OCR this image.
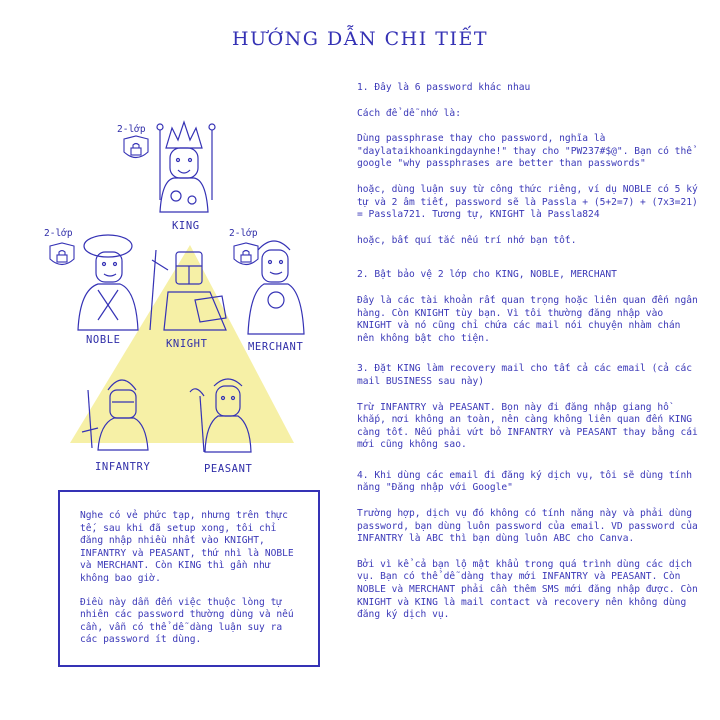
HƯỚNG DẪN CHI TIẾT
2-lớp
KING
2-lớp
NOBLE	KNIGHT
2-lớp
MERCHANT
INFANTRY	PEASANT

Nghe có vẻ phức tạp, nhưng trên thực tế, sau khi đã setup xong, tôi chỉ đăng nhập nhiều nhất vào KNIGHT, INFANTRY và PEASANT, thứ nhì là NOBLE và MERCHANT. Còn KING thì gần như không bao giờ.

Điều này dẫn đến việc thuộc lòng tự nhiên các password thường dùng và nếu cần, vẫn có thể dễ dàng luận suy ra các password ít dùng.

1. Đây là 6 password khác nhau

Cách để dễ nhớ là:

Dùng passphrase thay cho password, nghĩa là "daylataikhoankingdaynhe!" thay cho "PW237#$@". Bạn có thể google "why passphrases are better than passwords"

hoặc, dùng luận suy từ công thức riêng, ví dụ NOBLE có 5 ký tự và 2 âm tiết, password sẽ là Passla + (5+2=7) + (7x3=21) = Passla721. Tương tự, KNIGHT là Passla824

hoặc, bất quí tắc nếu trí nhớ bạn tốt.

2. Bật bảo vệ 2 lớp cho KING, NOBLE, MERCHANT

Đây là các tài khoản rất quan trọng hoặc liên quan đến ngân hàng. Còn KNIGHT tùy bạn. Vì tôi thường đăng nhập vào KNIGHT và nó cũng chỉ chứa các mail nói chuyện nhàm chán nên không bật cho tiện.

3. Đặt KING làm recovery mail cho tất cả các email (cả các mail BUSINESS sau này)

Trừ INFANTRY và PEASANT. Bọn này đi đăng nhập giang hồ khắp, nơi không an toàn, nên càng không liên quan đến KING càng tốt. Nếu phải vứt bỏ INFANTRY và PEASANT thay bằng cái mới cũng không sao.

4. Khi dùng các email đi đăng ký dịch vụ, tôi sẽ dùng tính năng "Đăng nhập với Google"

Trường hợp, dịch vụ đó không có tính năng này và phải dùng password, bạn dùng luôn password của email. VD password của INFANTRY là ABC thì bạn dùng luôn ABC cho Canva.

Bởi vì kể cả bạn lộ mật khẩu trong quá trình dùng các dịch vụ. Bạn có thể dễ dàng thay mới INFANTRY và PEASANT. Còn NOBLE và MERCHANT phải cần thêm SMS mới đăng nhập được. Còn KNIGHT và KING là mail contact và recovery nên không dùng đăng ký dịch vụ.
